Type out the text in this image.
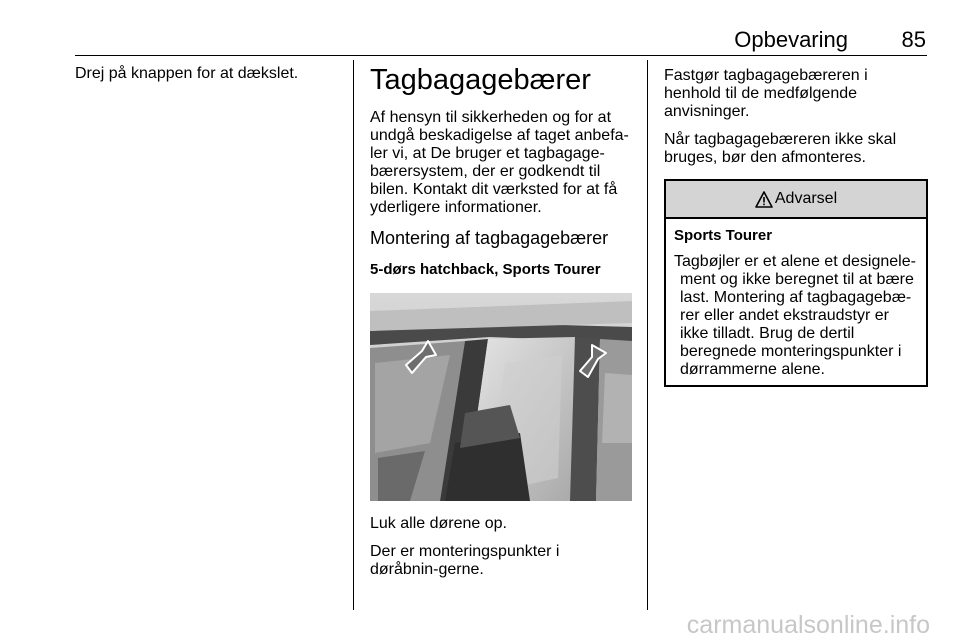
Opbevaring	85

Drej på knappen for at dækslet.	Tagbagagebærer

Af hensyn til sikkerheden og for at undgå beskadigelse af taget anbefa-ler vi, at De bruger et tagbagage-bærersystem, der er godkendt til bilen. Kontakt dit værksted for at få yderligere informationer.

Montering af tagbagagebærer
5-dørs hatchback, Sports Tourer

Luk alle dørene op.

Der er monteringspunkter i døråbnin-gerne.

Fastgør tagbagagebæreren i henhold til de medfølgende anvisninger.

Når tagbagagebæreren ikke skal bruges, bør den afmonteres.

Advarsel
Sports Tourer

Tagbøjler er et alene et designele-ment og ikke beregnet til at bære last. Montering af tagbagagebæ-rer eller andet ekstraudstyr er ikke tilladt. Brug de dertil beregnede monteringspunkter i dørrammerne alene.

carmanualsonline.info
